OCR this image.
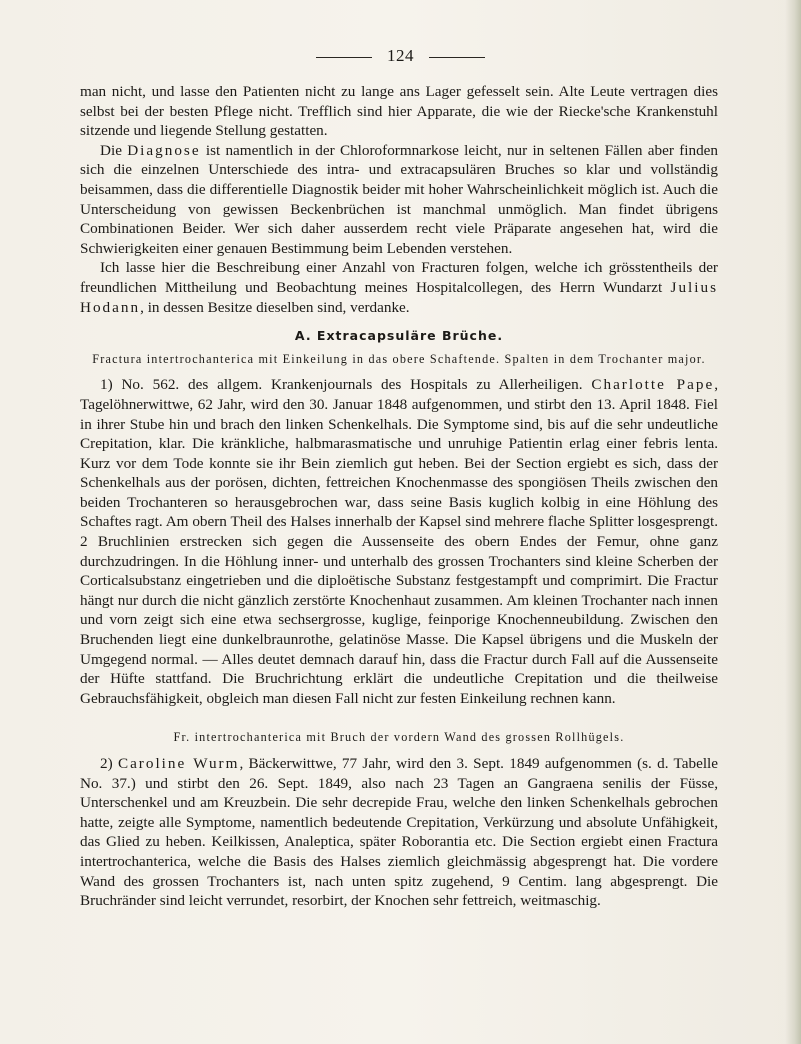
124

man nicht, und lasse den Patienten nicht zu lange ans Lager gefesselt sein. Alte Leute vertragen dies selbst bei der besten Pflege nicht. Trefflich sind hier Apparate, die wie der Riecke'sche Krankenstuhl sitzende und liegende Stellung gestatten.

Die Diagnose ist namentlich in der Chloroformnarkose leicht, nur in seltenen Fällen aber finden sich die einzelnen Unterschiede des intra- und extracapsulären Bruches so klar und vollständig beisammen, dass die differentielle Diagnostik beider mit hoher Wahrscheinlichkeit möglich ist. Auch die Unterscheidung von gewissen Beckenbrüchen ist manchmal unmöglich. Man findet übrigens Combinationen Beider. Wer sich daher ausserdem recht viele Präparate angesehen hat, wird die Schwierigkeiten einer genauen Bestimmung beim Lebenden verstehen.

Ich lasse hier die Beschreibung einer Anzahl von Fracturen folgen, welche ich grösstentheils der freundlichen Mittheilung und Beobachtung meines Hospitalcollegen, des Herrn Wundarzt Julius Hodann, in dessen Besitze dieselben sind, verdanke.

A. Extracapsuläre Brüche.
Fractura intertrochanterica mit Einkeilung in das obere Schaftende. Spalten in dem Trochanter major.

1) No. 562. des allgem. Krankenjournals des Hospitals zu Allerheiligen. Charlotte Pape, Tagelöhnerwittwe, 62 Jahr, wird den 30. Januar 1848 aufgenommen, und stirbt den 13. April 1848. Fiel in ihrer Stube hin und brach den linken Schenkelhals. Die Symptome sind, bis auf die sehr undeutliche Crepitation, klar. Die kränkliche, halbmarasmatische und unruhige Patientin erlag einer febris lenta. Kurz vor dem Tode konnte sie ihr Bein ziemlich gut heben. Bei der Section ergiebt es sich, dass der Schenkelhals aus der porösen, dichten, fettreichen Knochenmasse des spongiösen Theils zwischen den beiden Trochanteren so herausgebrochen war, dass seine Basis kuglich kolbig in eine Höhlung des Schaftes ragt. Am obern Theil des Halses innerhalb der Kapsel sind mehrere flache Splitter losgesprengt. 2 Bruchlinien erstrecken sich gegen die Aussenseite des obern Endes der Femur, ohne ganz durchzudringen. In die Höhlung inner- und unterhalb des grossen Trochanters sind kleine Scherben der Corticalsubstanz eingetrieben und die diploëtische Substanz festgestampft und comprimirt. Die Fractur hängt nur durch die nicht gänzlich zerstörte Knochenhaut zusammen. Am kleinen Trochanter nach innen und vorn zeigt sich eine etwa sechsergrosse, kuglige, feinporige Knochenneubildung. Zwischen den Bruchenden liegt eine dunkelbraunrothe, gelatinöse Masse. Die Kapsel übrigens und die Muskeln der Umgegend normal. — Alles deutet demnach darauf hin, dass die Fractur durch Fall auf die Aussenseite der Hüfte stattfand. Die Bruchrichtung erklärt die undeutliche Crepitation und die theilweise Gebrauchsfähigkeit, obgleich man diesen Fall nicht zur festen Einkeilung rechnen kann.

Fr. intertrochanterica mit Bruch der vordern Wand des grossen Rollhügels.

2) Caroline Wurm, Bäckerwittwe, 77 Jahr, wird den 3. Sept. 1849 aufgenommen (s. d. Tabelle No. 37.) und stirbt den 26. Sept. 1849, also nach 23 Tagen an Gangraena senilis der Füsse, Unterschenkel und am Kreuzbein. Die sehr decrepide Frau, welche den linken Schenkelhals gebrochen hatte, zeigte alle Symptome, namentlich bedeutende Crepitation, Verkürzung und absolute Unfähigkeit, das Glied zu heben. Keilkissen, Analeptica, später Roborantia etc. Die Section ergiebt einen Fractura intertrochanterica, welche die Basis des Halses ziemlich gleichmässig abgesprengt hat. Die vordere Wand des grossen Trochanters ist, nach unten spitz zugehend, 9 Centim. lang abgesprengt. Die Bruchränder sind leicht verrundet, resorbirt, der Knochen sehr fettreich, weitmaschig.
